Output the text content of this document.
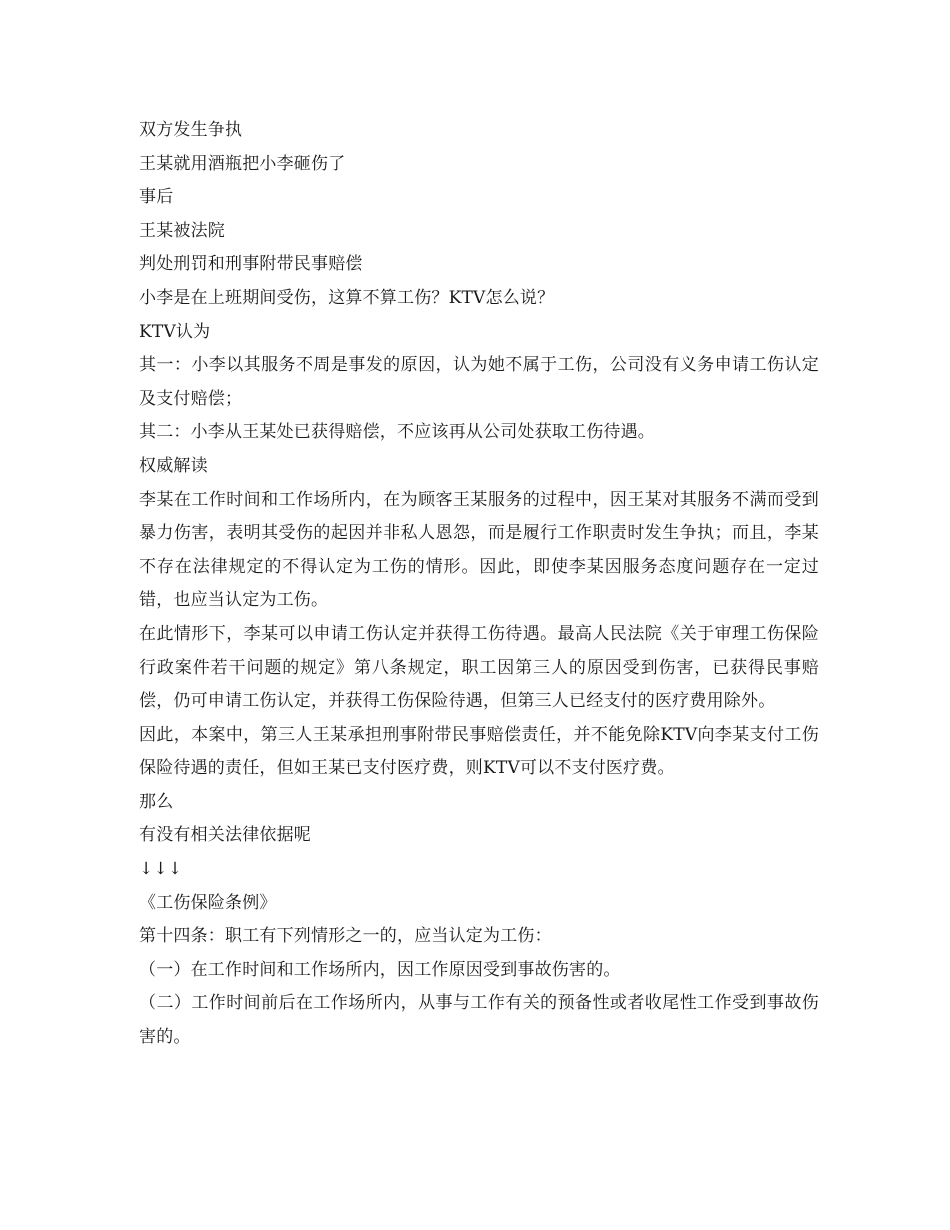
双方发生争执

王某就用酒瓶把小李砸伤了

事后

王某被法院

判处刑罚和刑事附带民事赔偿

小李是在上班期间受伤，这算不算工伤？KTV怎么说？

KTV认为

其一：小李以其服务不周是事发的原因，认为她不属于工伤，公司没有义务申请工伤认定及支付赔偿；

其二：小李从王某处已获得赔偿，不应该再从公司处获取工伤待遇。

权威解读

李某在工作时间和工作场所内，在为顾客王某服务的过程中，因王某对其服务不满而受到暴力伤害，表明其受伤的起因并非私人恩怨，而是履行工作职责时发生争执；而且，李某不存在法律规定的不得认定为工伤的情形。因此，即使李某因服务态度问题存在一定过错，也应当认定为工伤。

在此情形下，李某可以申请工伤认定并获得工伤待遇。最高人民法院《关于审理工伤保险行政案件若干问题的规定》第八条规定，职工因第三人的原因受到伤害，已获得民事赔偿，仍可申请工伤认定，并获得工伤保险待遇，但第三人已经支付的医疗费用除外。

因此，本案中，第三人王某承担刑事附带民事赔偿责任，并不能免除KTV向李某支付工伤保险待遇的责任，但如王某已支付医疗费，则KTV可以不支付医疗费。

那么

有没有相关法律依据呢

↓↓↓

《工伤保险条例》

第十四条：职工有下列情形之一的，应当认定为工伤：

（一）在工作时间和工作场所内，因工作原因受到事故伤害的。

（二）工作时间前后在工作场所内，从事与工作有关的预备性或者收尾性工作受到事故伤害的。
